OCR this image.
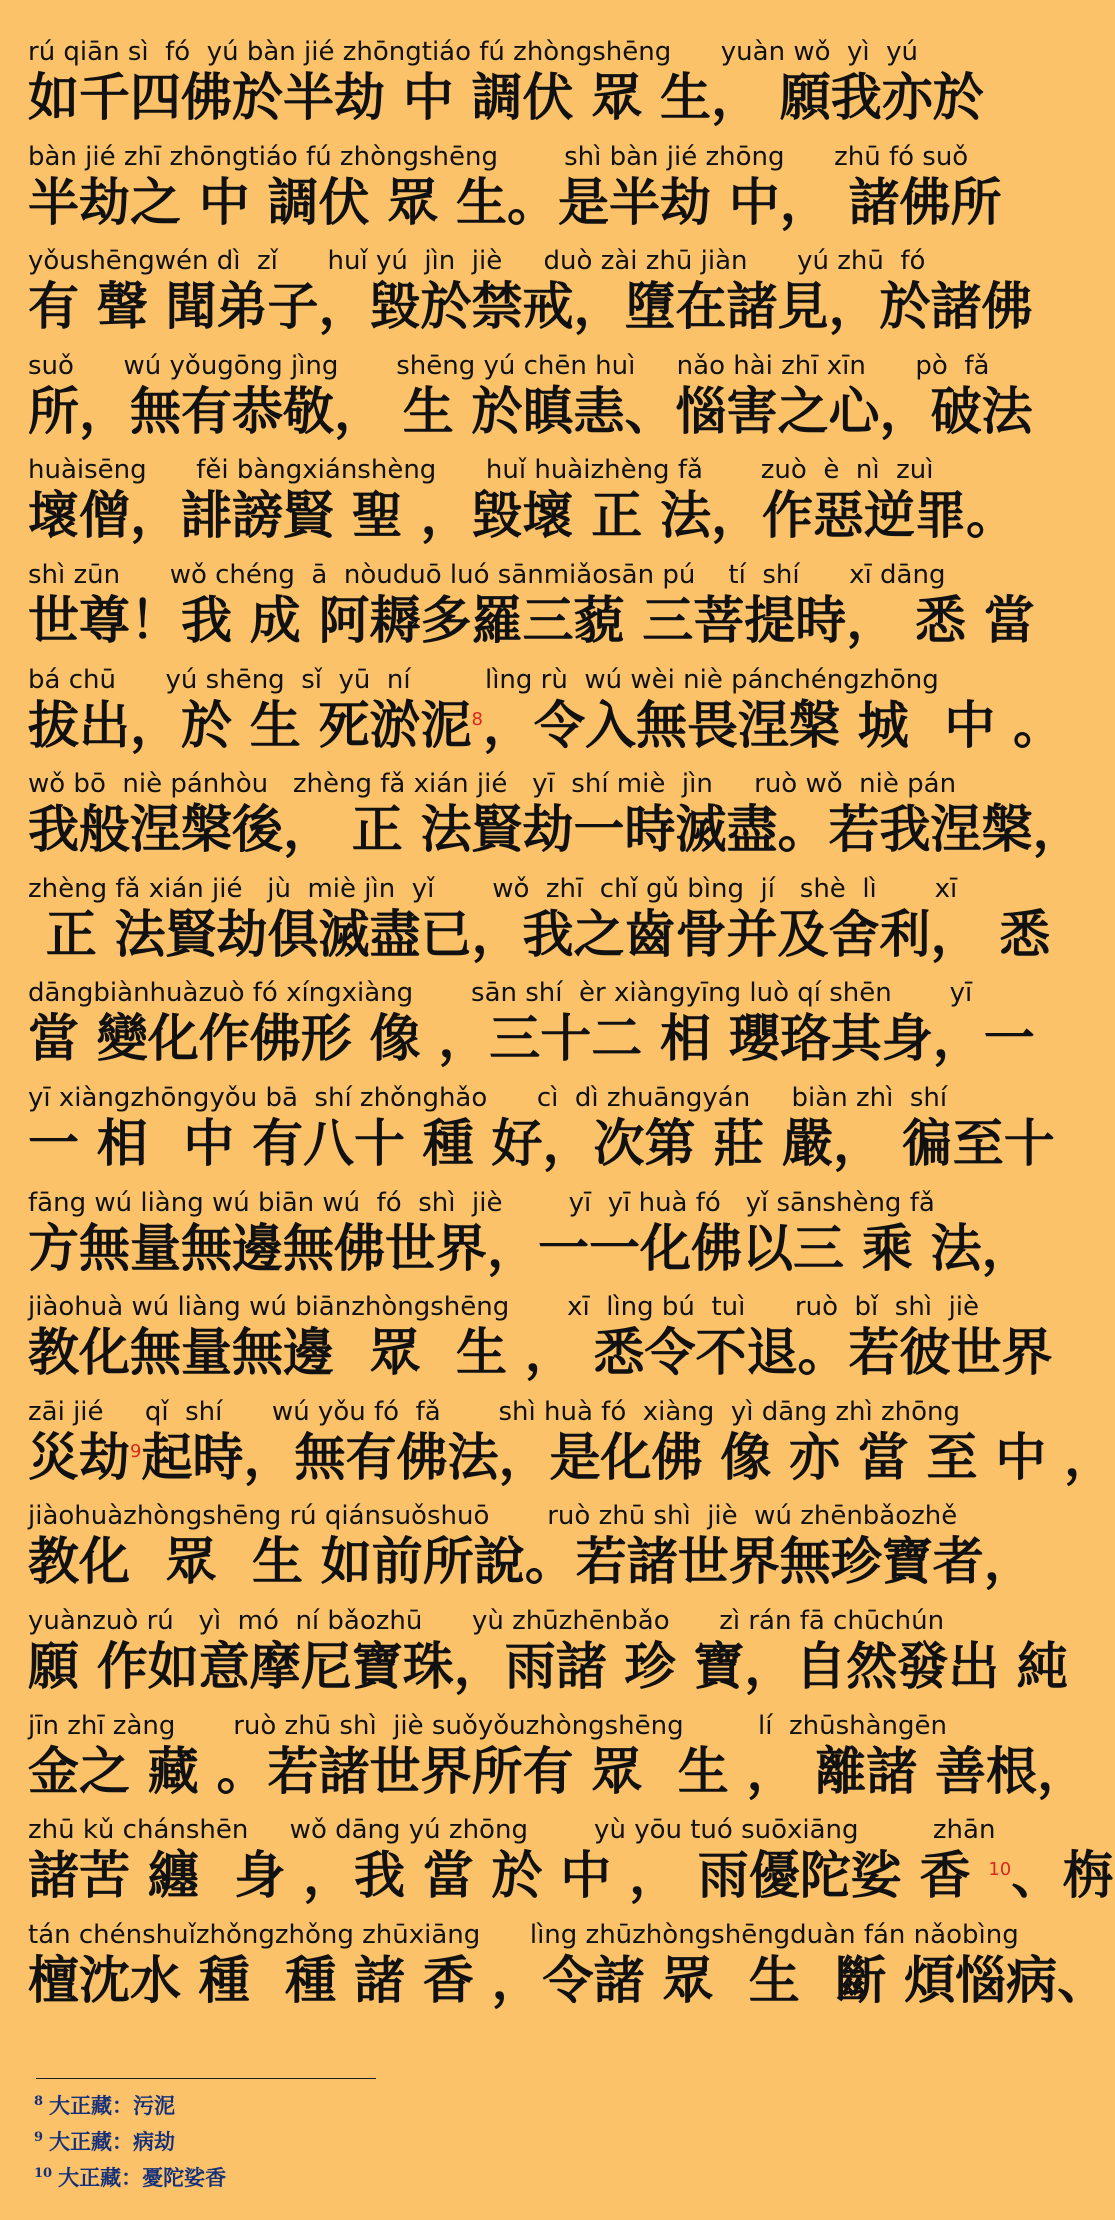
rú qiān sì  fó  yú bàn jié zhōngtiáo fú zhòngshēng      yuàn wǒ  yì  yú
如千四佛於半劫 中 調伏 眾 生， 願我亦於
bàn jié zhī zhōngtiáo fú zhòngshēng        shì bàn jié zhōng      zhū fó suǒ
半劫之 中 調伏 眾 生。是半劫 中， 諸佛所
yǒushēngwén dì  zǐ      huǐ yú  jìn  jiè     duò zài zhū jiàn      yú zhū  fó
有 聲 聞弟子，毀於禁戒，墮在諸見，於諸佛
suǒ      wú yǒugōng jìng       shēng yú chēn huì     nǎo hài zhī xīn      pò  fǎ
所，無有恭敬， 生 於瞋恚、惱害之心，破法
huàisēng      fěi bàngxiánshèng      huǐ huàizhèng fǎ       zuò  è  nì  zuì
壞僧，誹謗賢 聖 ，毀壞 正 法，作惡逆罪。
shì zūn      wǒ chéng  ā  nòuduō luó sānmiǎosān pú    tí  shí      xī dāng
世尊！我 成 阿耨多羅三藐 三菩提時， 悉 當
bá chū      yú shēng  sǐ  yū  ní         lìng rù  wú wèi niè pánchéngzhōng
拔出，於 生 死淤泥$^8$，令入無畏涅槃 城  中 。
wǒ bō  niè pánhòu   zhèng fǎ xián jié   yī  shí miè  jìn     ruò wǒ  niè pán
我般涅槃後， 正 法賢劫一時滅盡。若我涅槃，
zhèng fǎ xián jié   jù  miè jìn  yǐ       wǒ  zhī  chǐ gǔ bìng  jí   shè  lì       xī
正 法賢劫俱滅盡已，我之齒骨并及舍利， 悉
dāngbiànhuàzuò fó xíngxiàng       sān shí  èr xiàngyīng luò qí shēn       yī
當 變化作佛形 像 ，三十二 相 瓔珞其身，一
yī xiàngzhōngyǒu bā  shí zhǒnghǎo      cì  dì zhuāngyán     biàn zhì  shí
一 相  中 有八十 種 好，次第 莊 嚴， 徧至十
fāng wú liàng wú biān wú  fó  shì  jiè        yī  yī huà fó   yǐ sānshèng fǎ
方無量無邊無佛世界，一一化佛以三 乘 法，
jiàohuà wú liàng wú biānzhòngshēng       xī  lìng bú  tuì      ruò  bǐ  shì  jiè
教化無量無邊  眾  生 ， 悉令不退。若彼世界
zāi jié     qǐ  shí      wú yǒu fó  fǎ       shì huà fó  xiàng  yì dāng zhì zhōng
災劫$^9$起時，無有佛法，是化佛 像 亦 當 至 中 ，
jiàohuàzhòngshēng rú qiánsuǒshuō       ruò zhū shì  jiè  wú zhēnbǎozhě
教化  眾  生 如前所說。若諸世界無珍寶者，
yuànzuò rú   yì  mó  ní bǎozhū      yù zhūzhēnbǎo      zì rán fā chūchún
願 作如意摩尼寶珠，雨諸 珍 寶，自然發出 純
jīn zhī zàng       ruò zhū shì  jiè suǒyǒuzhòngshēng         lí  zhūshàngēn
金之 藏 。若諸世界所有 眾  生 ， 離諸 善根，
zhū kǔ chánshēn     wǒ dāng yú zhōng        yù yōu tuó suōxiāng         zhān
諸苦 纏  身 ，我 當 於 中 ， 雨優陀娑 香 $^{10}$、栴
tán chénshuǐzhǒngzhǒng zhūxiāng      lìng zhūzhòngshēngduàn fán nǎobìng
檀沈水 種  種 諸 香 ，令諸 眾  生  斷 煩惱病、
$^8$ 大正藏：污泥
$^9$ 大正藏：病劫
$^{10}$ 大正藏：憂陀娑香
